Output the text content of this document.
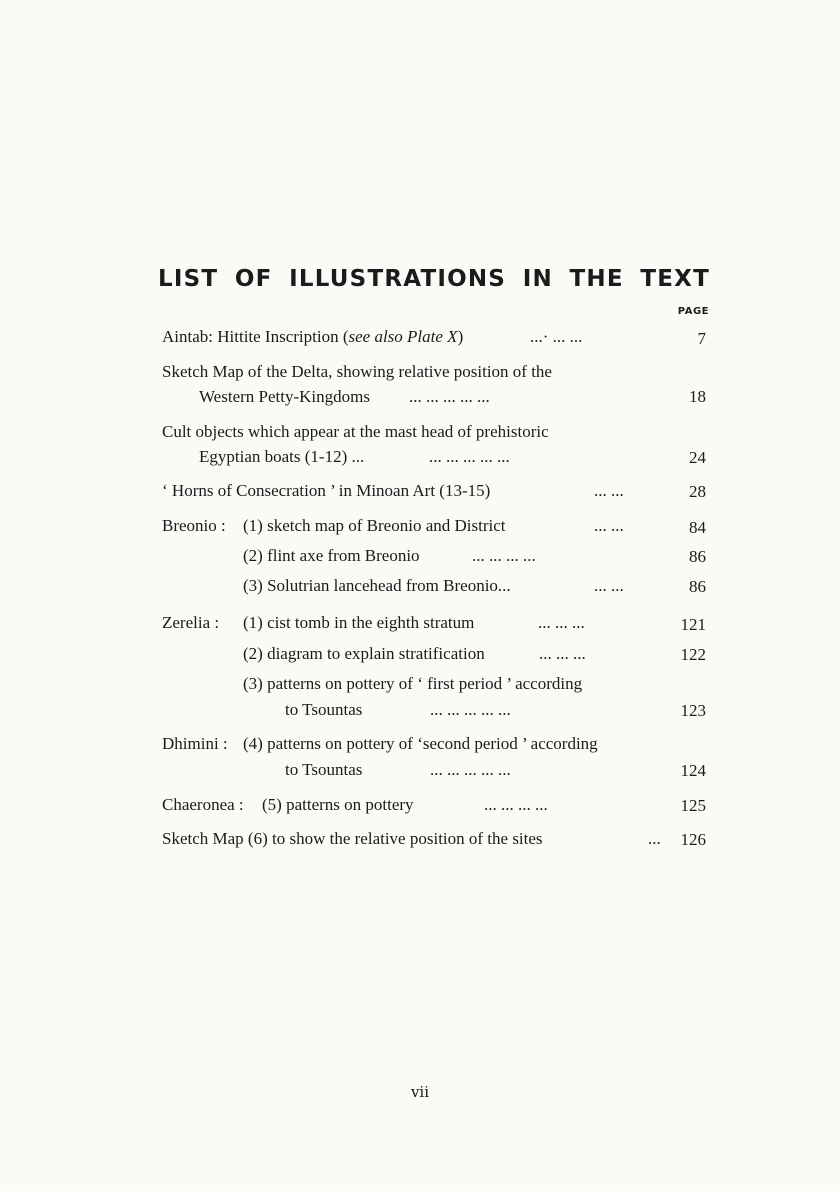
LIST OF ILLUSTRATIONS IN THE TEXT
PAGE
Aintab: Hittite Inscription (see also Plate X)	...· ... ...	7
Sketch Map of the Delta, showing relative position of the
Western Petty-Kingdoms ... ... ... ... ...	18
Cult objects which appear at the mast head of prehistoric
Egyptian boats (1-12) ...	... ... ... ... ...	24
‘ Horns of Consecration ’ in Minoan Art (13-15)	... ...	28
Breonio : (1) sketch map of Breonio and District	... ...	84
(2) flint axe from Breonio	... ... ... ...	86
(3) Solutrian lancehead from Breonio...	... ...	86
Zerelia : (1) cist tomb in the eighth stratum	... ... ...	121
(2) diagram to explain stratification	... ... ...	122
(3) patterns on pottery of ‘ first period ’ according
to Tsountas	... ... ... ... ...	123
Dhimini : (4) patterns on pottery of ‘second period ’ according
to Tsountas	... ... ... ... ...	124
Chaeronea : (5) patterns on pottery	... ... ... ...	125
Sketch Map (6) to show the relative position of the sites	... 126
vii
